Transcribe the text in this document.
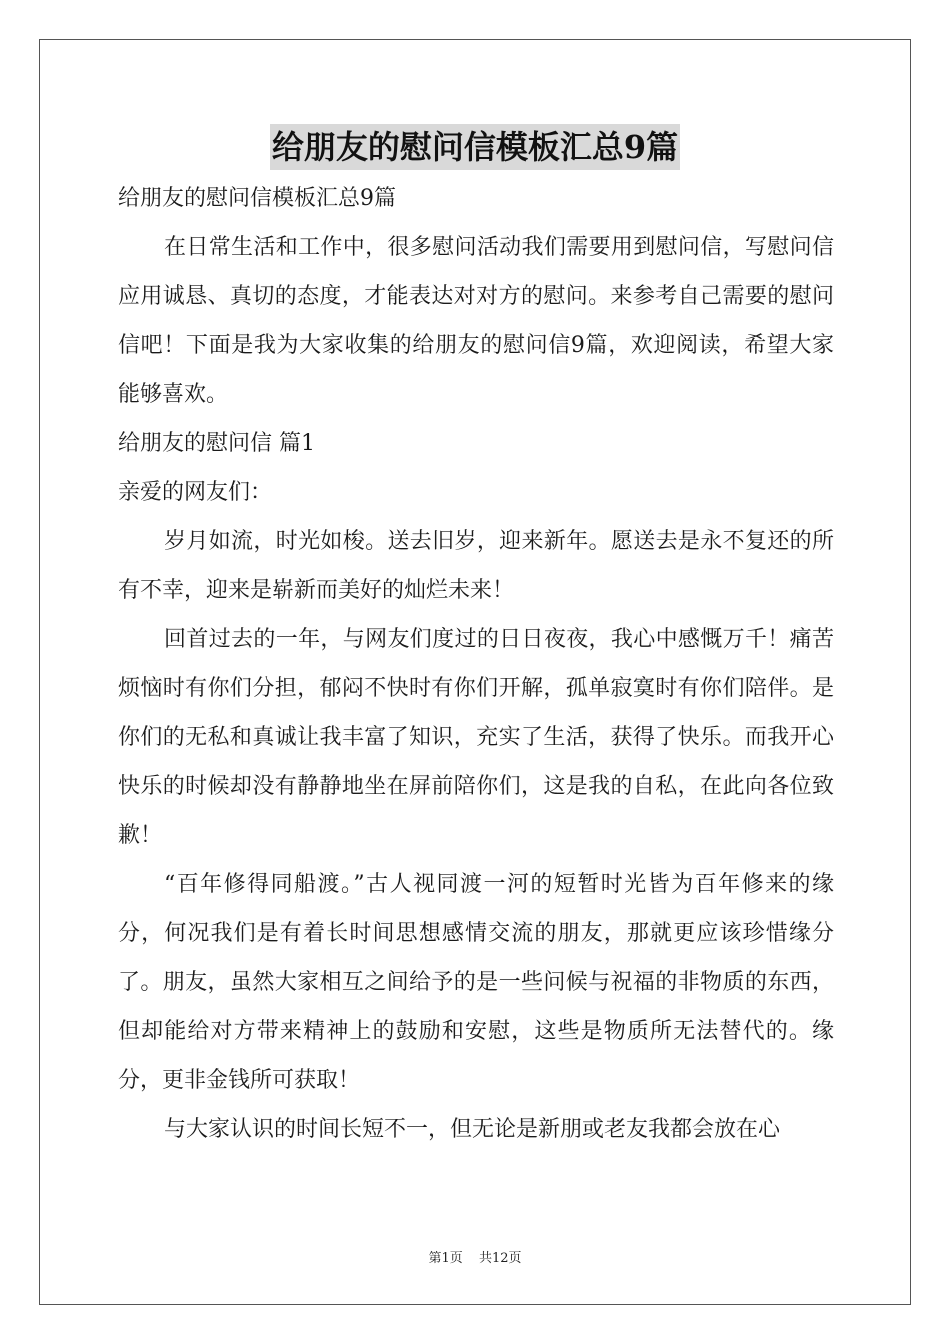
给朋友的慰问信模板汇总9篇

给朋友的慰问信模板汇总9篇

在日常生活和工作中，很多慰问活动我们需要用到慰问信，写慰问信应用诚恳、真切的态度，才能表达对对方的慰问。来参考自己需要的慰问信吧！下面是我为大家收集的给朋友的慰问信9篇，欢迎阅读，希望大家能够喜欢。

给朋友的慰问信 篇1

亲爱的网友们：

岁月如流，时光如梭。送去旧岁，迎来新年。愿送去是永不复还的所有不幸，迎来是崭新而美好的灿烂未来！

回首过去的一年，与网友们度过的日日夜夜，我心中感慨万千！痛苦烦恼时有你们分担，郁闷不快时有你们开解，孤单寂寞时有你们陪伴。是你们的无私和真诚让我丰富了知识，充实了生活，获得了快乐。而我开心快乐的时候却没有静静地坐在屏前陪你们，这是我的自私，在此向各位致歉！

“百年修得同船渡。”古人视同渡一河的短暂时光皆为百年修来的缘分，何况我们是有着长时间思想感情交流的朋友，那就更应该珍惜缘分了。朋友，虽然大家相互之间给予的是一些问候与祝福的非物质的东西，但却能给对方带来精神上的鼓励和安慰，这些是物质所无法替代的。缘分，更非金钱所可获取！

与大家认识的时间长短不一，但无论是新朋或老友我都会放在心

第1页 共12页
